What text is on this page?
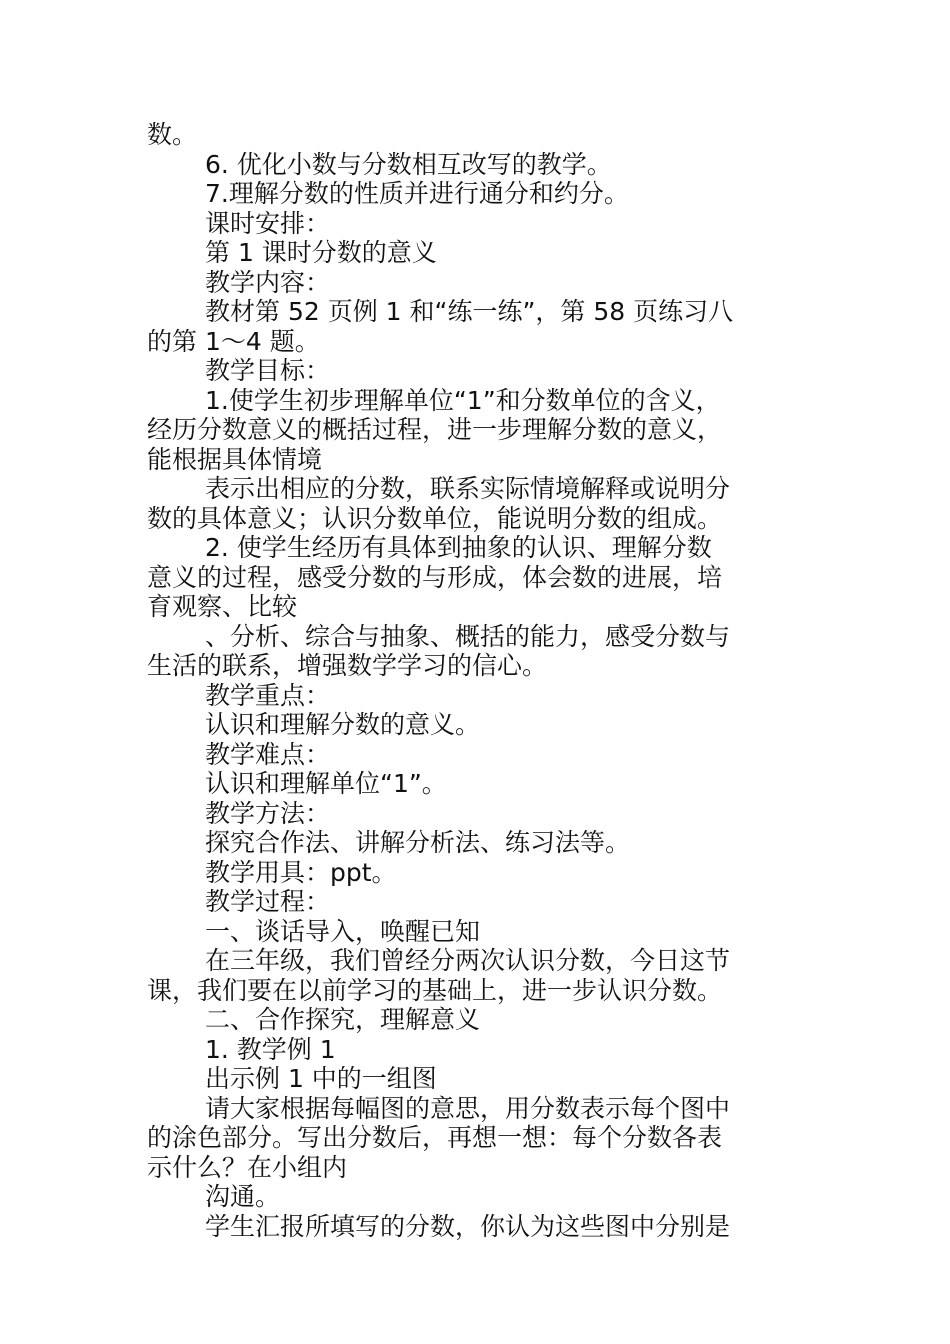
数。
6. 优化小数与分数相互改写的教学。
7.理解分数的性质并进行通分和约分。
课时安排：
第 1 课时分数的意义
教学内容：
教材第 52 页例 1 和“练一练”，第 58 页练习八
的第 1～4 题。
教学目标：
1.使学生初步理解单位“1”和分数单位的含义，
经历分数意义的概括过程，进一步理解分数的意义，
能根据具体情境
表示出相应的分数，联系实际情境解释或说明分
数的具体意义；认识分数单位，能说明分数的组成。
2. 使学生经历有具体到抽象的认识、理解分数
意义的过程，感受分数的与形成，体会数的进展，培
育观察、比较
、分析、综合与抽象、概括的能力，感受分数与
生活的联系，增强数学学习的信心。
教学重点：
认识和理解分数的意义。
教学难点：
认识和理解单位“1”。
教学方法：
探究合作法、讲解分析法、练习法等。
教学用具：ppt。
教学过程：
一、谈话导入，唤醒已知
在三年级，我们曾经分两次认识分数，今日这节
课，我们要在以前学习的基础上，进一步认识分数。
二、合作探究，理解意义
1. 教学例 1
出示例 1 中的一组图
请大家根据每幅图的意思，用分数表示每个图中
的涂色部分。写出分数后，再想一想：每个分数各表
示什么？在小组内
沟通。
学生汇报所填写的分数，你认为这些图中分别是
